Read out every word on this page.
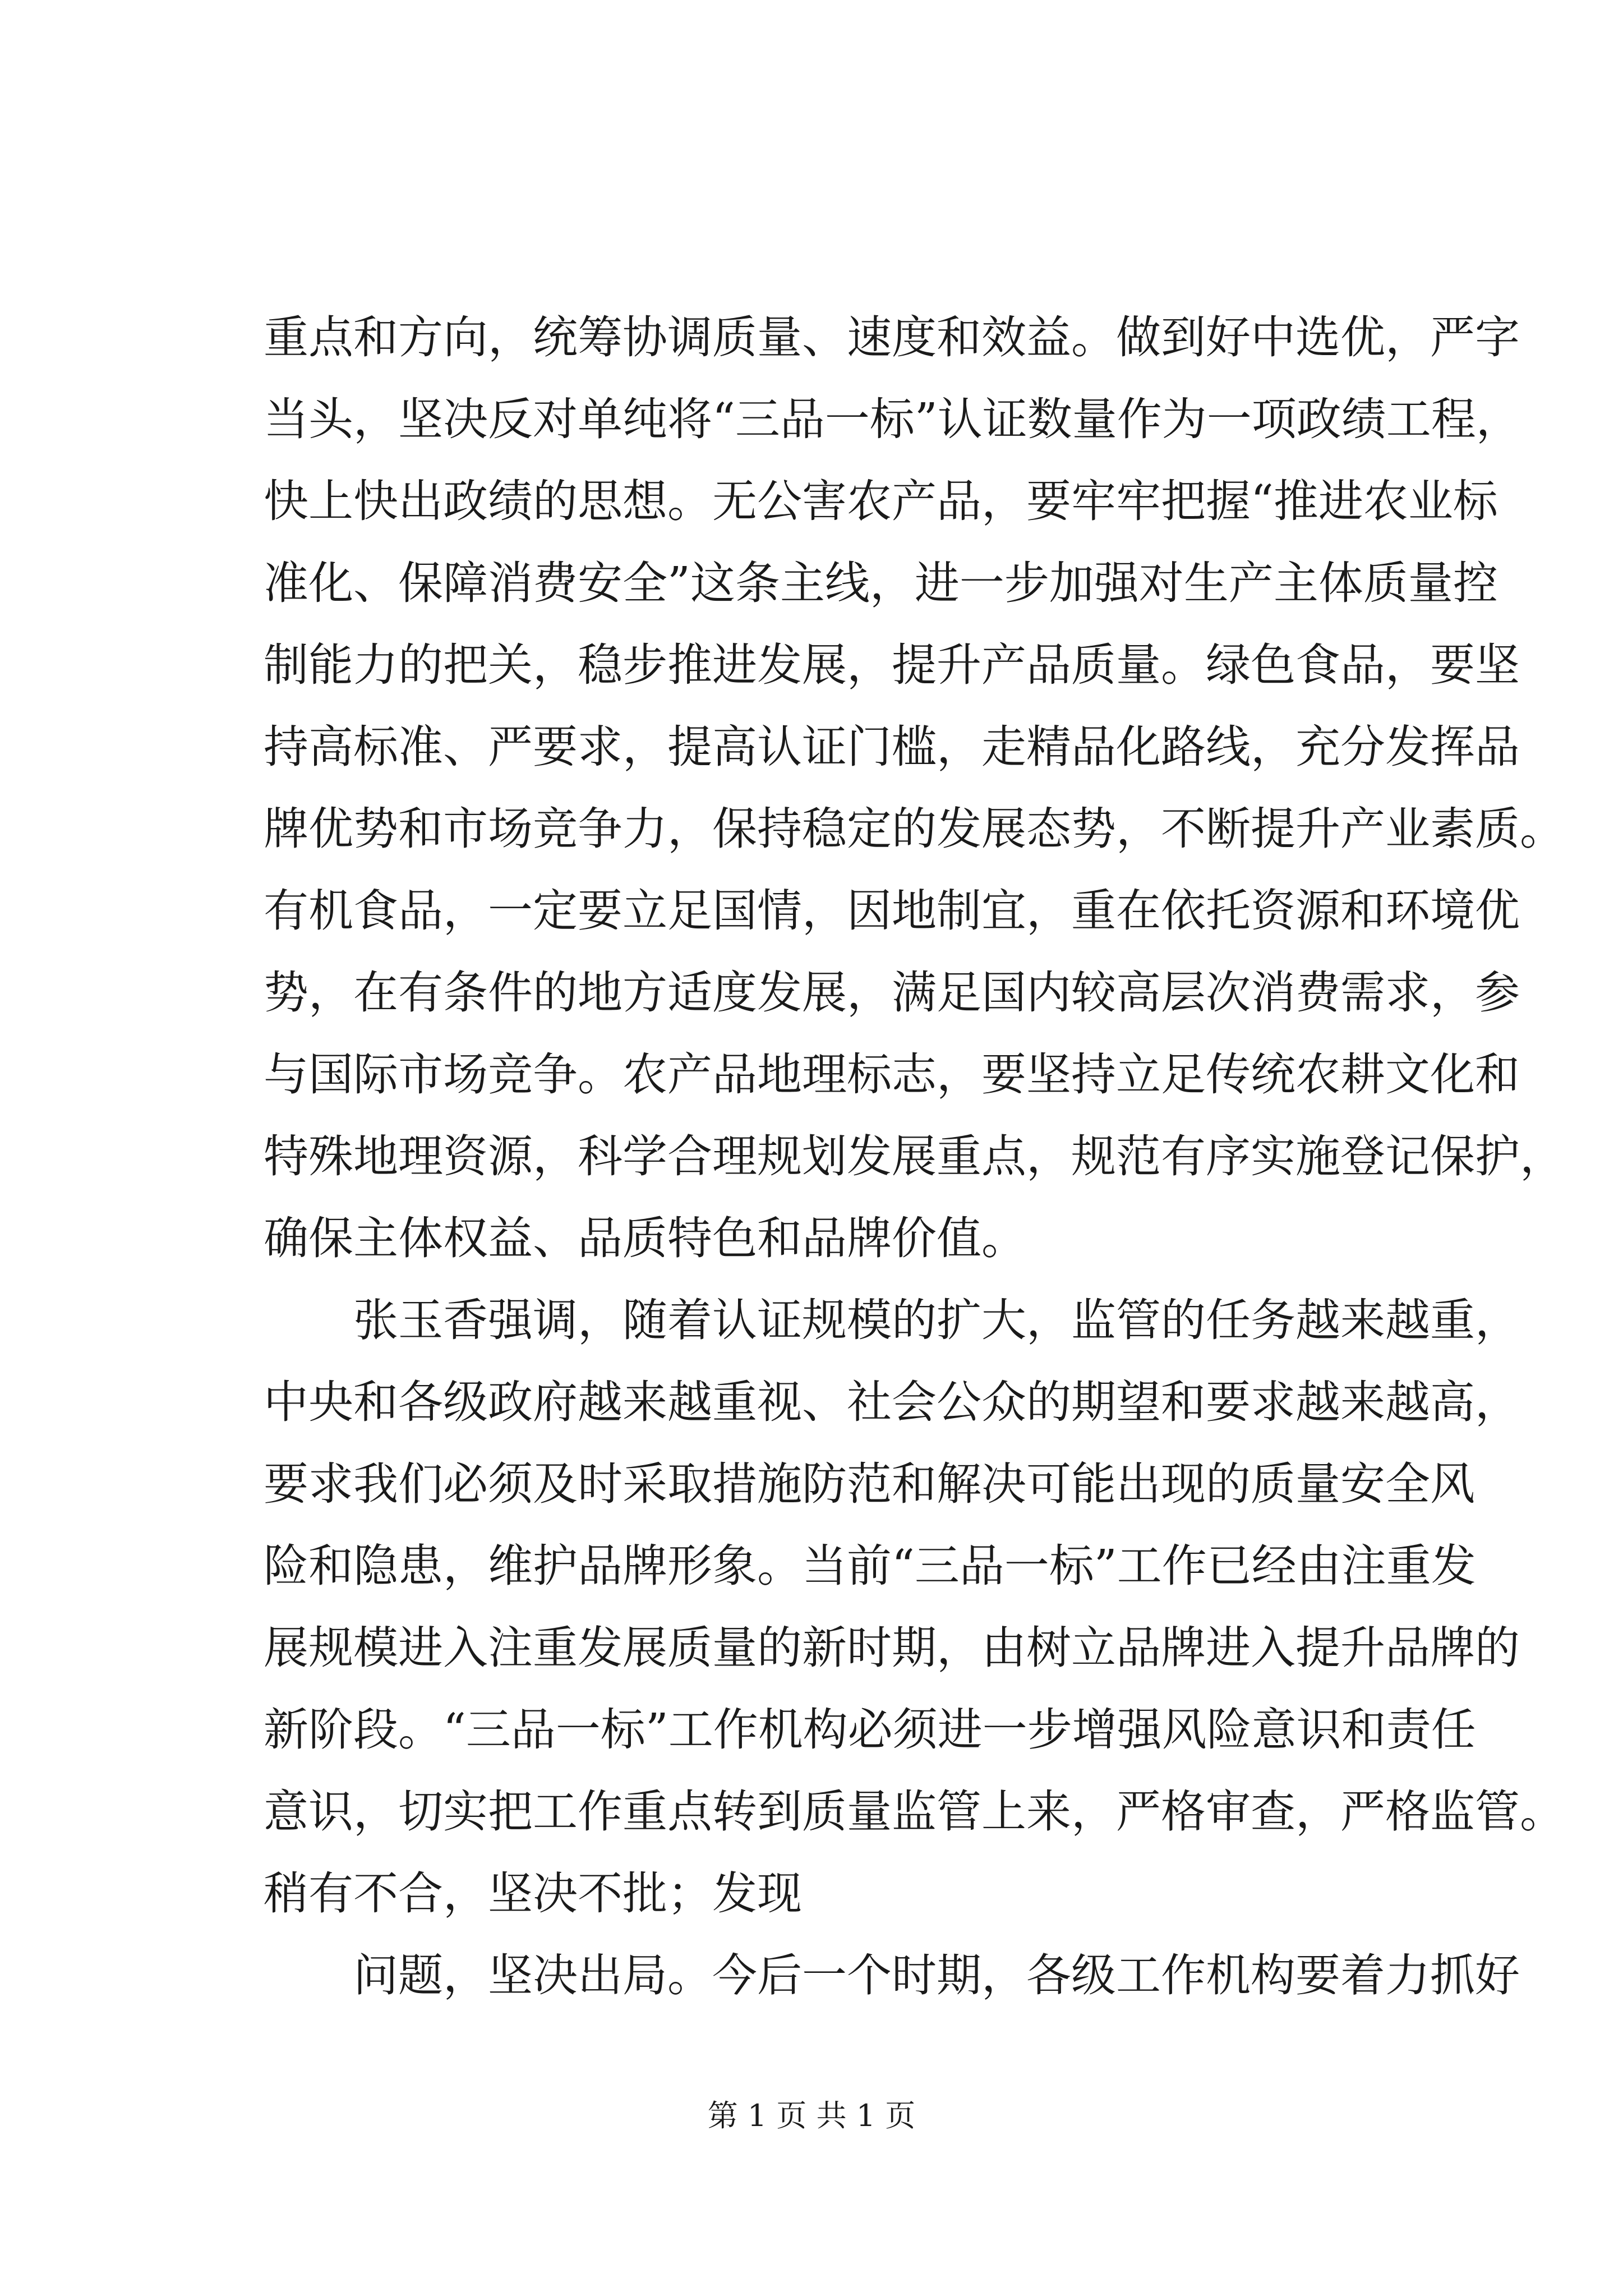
重点和方向，统筹协调质量、速度和效益。做到好中选优，严字
当头，坚决反对单纯将“三品一标”认证数量作为一项政绩工程，
快上快出政绩的思想。无公害农产品，要牢牢把握“推进农业标
准化、保障消费安全”这条主线，进一步加强对生产主体质量控
制能力的把关，稳步推进发展，提升产品质量。绿色食品，要坚
持高标准、严要求，提高认证门槛，走精品化路线，充分发挥品
牌优势和市场竞争力，保持稳定的发展态势，不断提升产业素质。
有机食品，一定要立足国情，因地制宜，重在依托资源和环境优
势，在有条件的地方适度发展，满足国内较高层次消费需求，参
与国际市场竞争。农产品地理标志，要坚持立足传统农耕文化和
特殊地理资源，科学合理规划发展重点，规范有序实施登记保护，
确保主体权益、品质特色和品牌价值。
张玉香强调，随着认证规模的扩大，监管的任务越来越重，
中央和各级政府越来越重视、社会公众的期望和要求越来越高，
要求我们必须及时采取措施防范和解决可能出现的质量安全风
险和隐患，维护品牌形象。当前“三品一标”工作已经由注重发
展规模进入注重发展质量的新时期，由树立品牌进入提升品牌的
新阶段。“三品一标”工作机构必须进一步增强风险意识和责任
意识，切实把工作重点转到质量监管上来，严格审查，严格监管。
稍有不合，坚决不批；发现
问题，坚决出局。今后一个时期，各级工作机构要着力抓好
第 1 页 共 1 页
